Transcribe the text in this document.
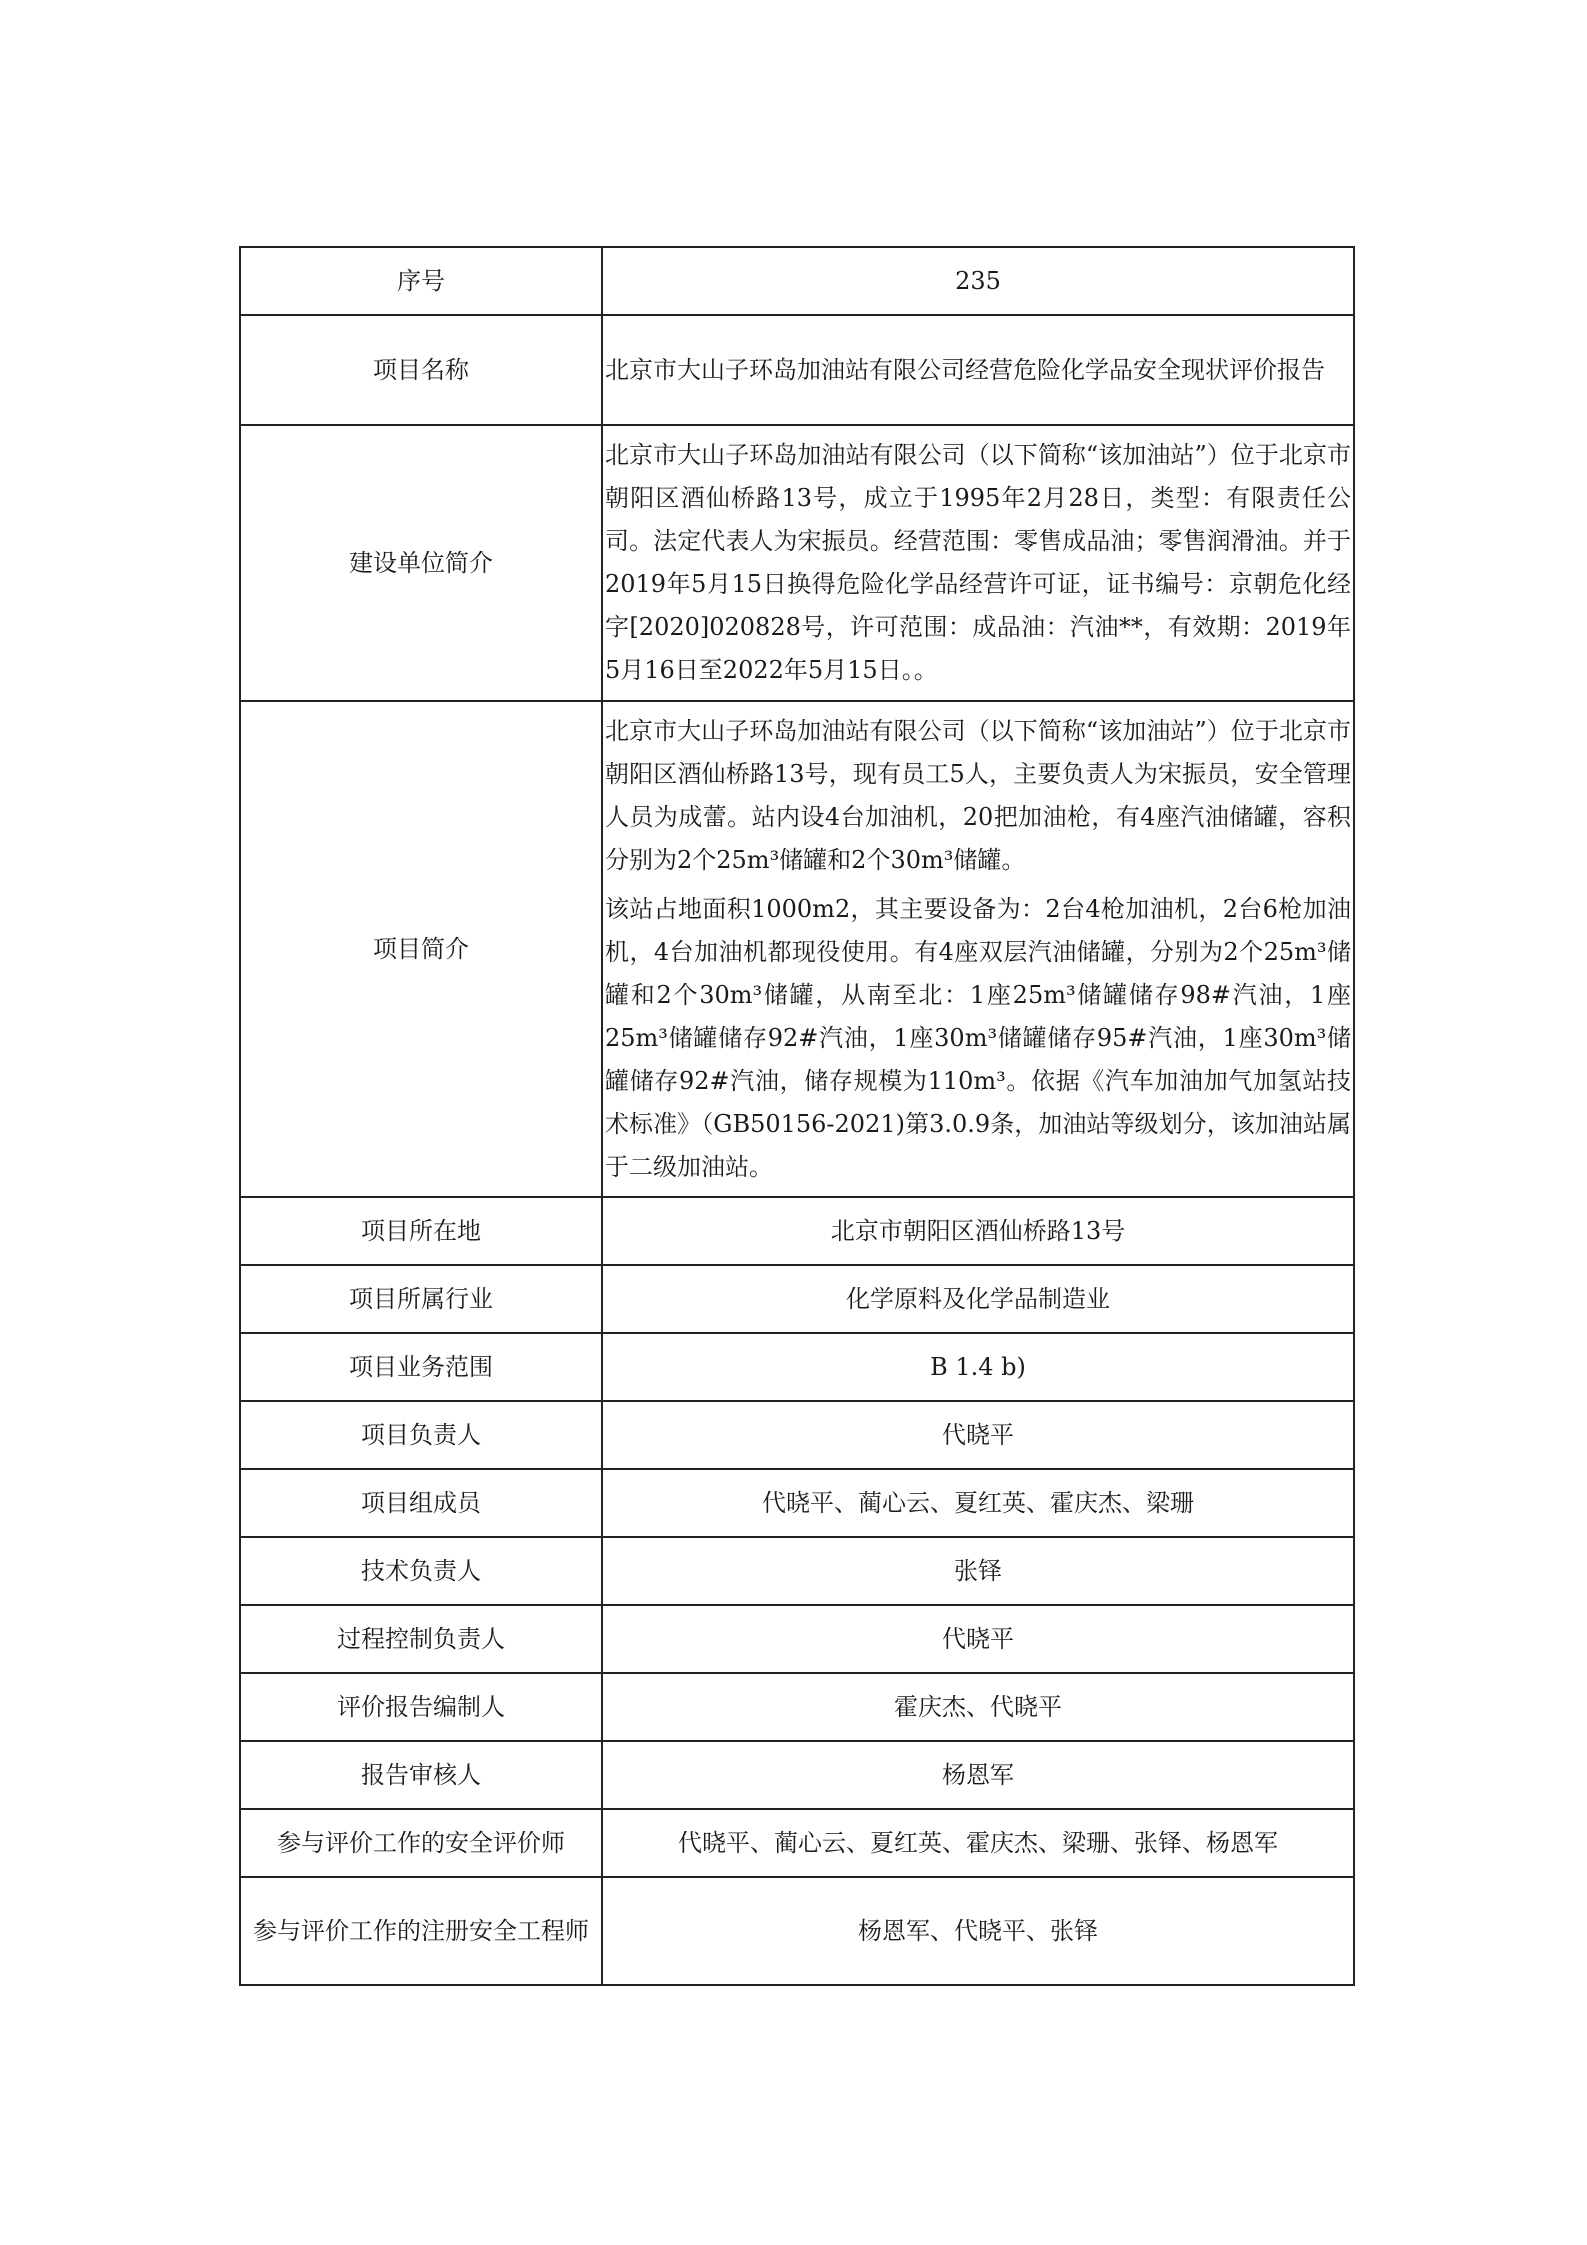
序号	235
项目名称	北京市大山子环岛加油站有限公司经营危险化学品安全现状评价报告
建设单位简介	北京市大山子环岛加油站有限公司（以下简称“该加油站”）位于北京市朝阳区酒仙桥路13号，成立于1995年2月28日，类型：有限责任公司。法定代表人为宋振员。经营范围：零售成品油；零售润滑油。并于2019年5月15日换得危险化学品经营许可证，证书编号：京朝危化经字[2020]020828号，许可范围：成品油：汽油**，有效期：2019年5月16日至2022年5月15日。。
项目简介	北京市大山子环岛加油站有限公司（以下简称“该加油站”）位于北京市朝阳区酒仙桥路13号，现有员工5人，主要负责人为宋振员，安全管理人员为成蕾。站内设4台加油机，20把加油枪，有4座汽油储罐，容积分别为2个25m³储罐和2个30m³储罐。

该站占地面积1000m2，其主要设备为：2台4枪加油机，2台6枪加油机，4台加油机都现役使用。有4座双层汽油储罐，分别为2个25m³储罐和2个30m³储罐，从南至北：1座25m³储罐储存98#汽油，1座25m³储罐储存92#汽油，1座30m³储罐储存95#汽油，1座30m³储罐储存92#汽油，储存规模为110m³。依据《汽车加油加气加氢站技术标准》（GB50156-2021)第3.0.9条，加油站等级划分，该加油站属于二级加油站。

项目所在地	北京市朝阳区酒仙桥路13号
项目所属行业	化学原料及化学品制造业
项目业务范围	B 1.4 b)
项目负责人	代晓平
项目组成员	代晓平、蔺心云、夏红英、霍庆杰、梁珊
技术负责人	张铎
过程控制负责人	代晓平
评价报告编制人	霍庆杰、代晓平
报告审核人	杨恩军
参与评价工作的安全评价师	代晓平、蔺心云、夏红英、霍庆杰、梁珊、张铎、杨恩军
参与评价工作的注册安全工程师	杨恩军、代晓平、张铎
